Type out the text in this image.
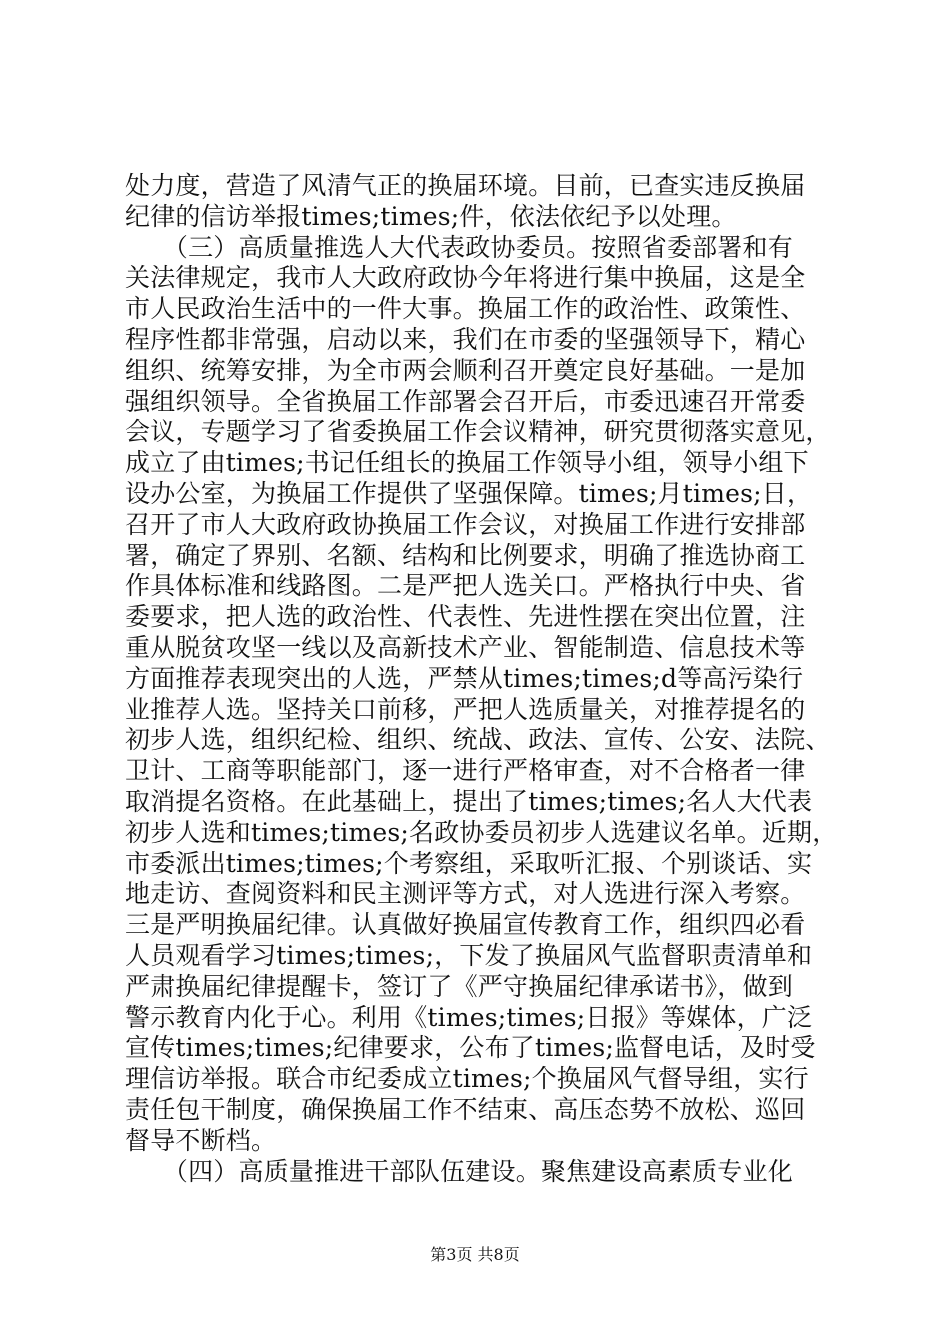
处力度，营造了风清气正的换届环境。目前，已查实违反换届
纪律的信访举报times;times;件，依法依纪予以处理。
　　（三）高质量推选人大代表政协委员。按照省委部署和有
关法律规定，我市人大政府政协今年将进行集中换届，这是全
市人民政治生活中的一件大事。换届工作的政治性、政策性、
程序性都非常强，启动以来，我们在市委的坚强领导下，精心
组织、统筹安排，为全市两会顺利召开奠定良好基础。一是加
强组织领导。全省换届工作部署会召开后，市委迅速召开常委
会议，专题学习了省委换届工作会议精神，研究贯彻落实意见，
成立了由times;书记任组长的换届工作领导小组，领导小组下
设办公室，为换届工作提供了坚强保障。times;月times;日，
召开了市人大政府政协换届工作会议，对换届工作进行安排部
署，确定了界别、名额、结构和比例要求，明确了推选协商工
作具体标准和线路图。二是严把人选关口。严格执行中央、省
委要求，把人选的政治性、代表性、先进性摆在突出位置，注
重从脱贫攻坚一线以及高新技术产业、智能制造、信息技术等
方面推荐表现突出的人选，严禁从times;times;d等高污染行
业推荐人选。坚持关口前移，严把人选质量关，对推荐提名的
初步人选，组织纪检、组织、统战、政法、宣传、公安、法院、
卫计、工商等职能部门，逐一进行严格审查，对不合格者一律
取消提名资格。在此基础上，提出了times;times;名人大代表
初步人选和times;times;名政协委员初步人选建议名单。近期，
市委派出times;times;个考察组，采取听汇报、个别谈话、实
地走访、查阅资料和民主测评等方式，对人选进行深入考察。
三是严明换届纪律。认真做好换届宣传教育工作，组织四必看
人员观看学习times;times;，下发了换届风气监督职责清单和
严肃换届纪律提醒卡，签订了《严守换届纪律承诺书》，做到
警示教育内化于心。利用《times;times;日报》等媒体，广泛
宣传times;times;纪律要求，公布了times;监督电话，及时受
理信访举报。联合市纪委成立times;个换届风气督导组，实行
责任包干制度，确保换届工作不结束、高压态势不放松、巡回
督导不断档。
　　（四）高质量推进干部队伍建设。聚焦建设高素质专业化
第3页 共8页
